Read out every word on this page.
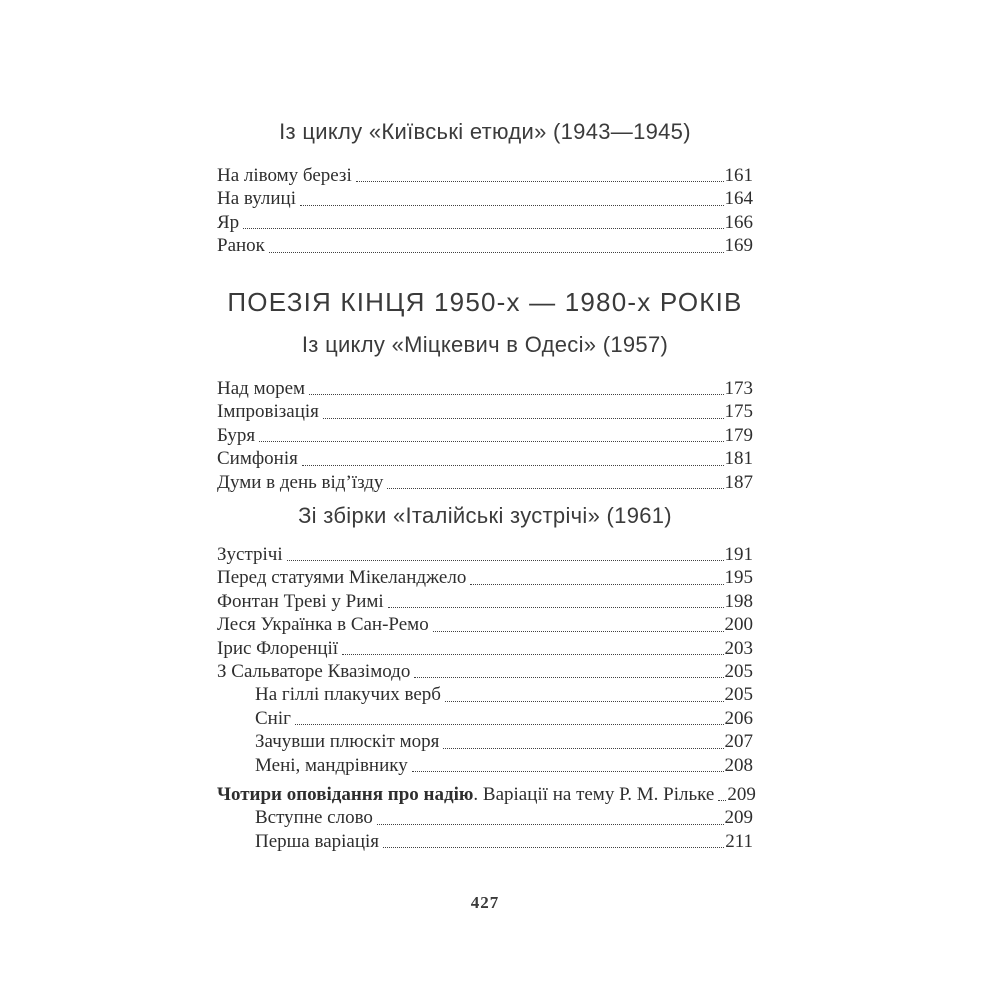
Із циклу «Київські етюди» (1943—1945)
На лівому березі	161
На вулиці	164
Яр	166
Ранок	169
ПОЕЗІЯ КІНЦЯ 1950-х — 1980-х РОКІВ
Із циклу «Міцкевич в Одесі» (1957)
Над морем	173
Імпровізація	175
Буря	179
Симфонія	181
Думи в день від’їзду	187
Зі збірки «Італійські зустрічі» (1961)
Зустрічі	191
Перед статуями Мікеланджело	195
Фонтан Треві у Римі	198
Леся Українка в Сан-Ремо	200
Ірис Флоренції	203
З Сальваторе Квазімодо	205
На гіллі плакучих верб	205
Сніг	206
Зачувши плюскіт моря	207
Мені, мандрівнику	208
Чотири оповідання про надію. Варіації на тему Р. М. Рільке 209
Вступне слово	209
Перша варіація	211
427
